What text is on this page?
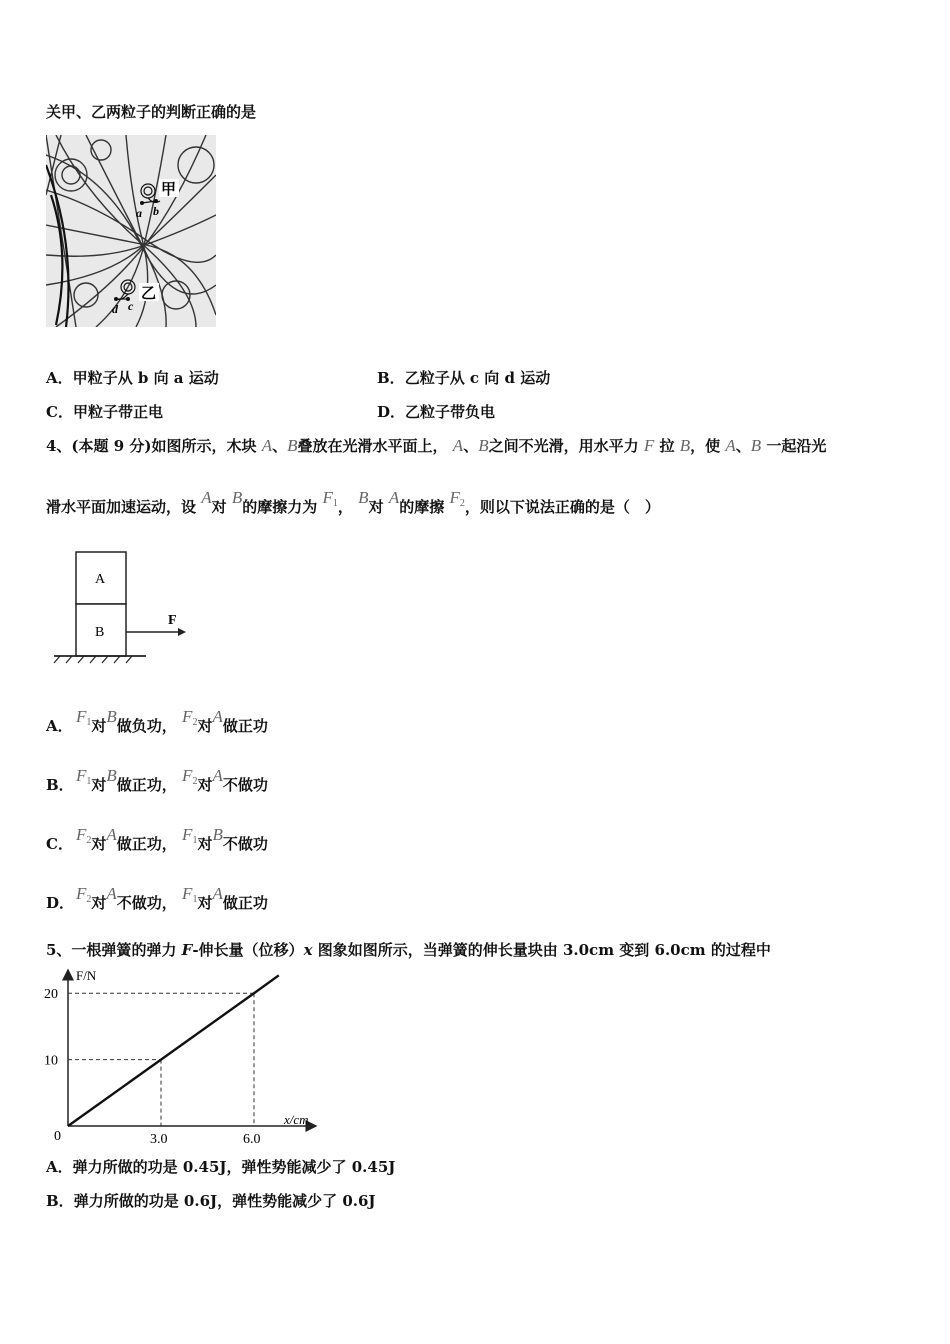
关甲、乙两粒子的判断正确的是
甲
乙
a b
d c
A．甲粒子从 b 向 a 运动	B．乙粒子从 c 向 d 运动
C．甲粒子带正电	D．乙粒子带负电
4、(本题 9 分)如图所示，木块 A、B叠放在光滑水平面上， A、B之间不光滑，用水平力 F 拉 B，使 A、B 一起沿光
滑水平面加速运动，设 A对 B的摩擦力为 $F_1$， B对 A的摩擦 $F_2$，则以下说法正确的是（　）
A
B
F
A． $F_1$对B做负功， $F_2$对A做正功
B． $F_1$对B做正功， $F_2$对A不做功
C． $F_2$对A做正功， $F_1$对B不做功
D． $F_2$对A不做功， $F_1$对A做正功
5、一根弹簧的弹力 F-伸长量（位移）x 图象如图所示，当弹簧的伸长量块由 3.0cm 变到 6.0cm 的过程中
F/N
x/cm
0	3.0	6.0
10
20
A．弹力所做的功是 0.45J，弹性势能减少了 0.45J
B．弹力所做的功是 0.6J，弹性势能减少了 0.6J
